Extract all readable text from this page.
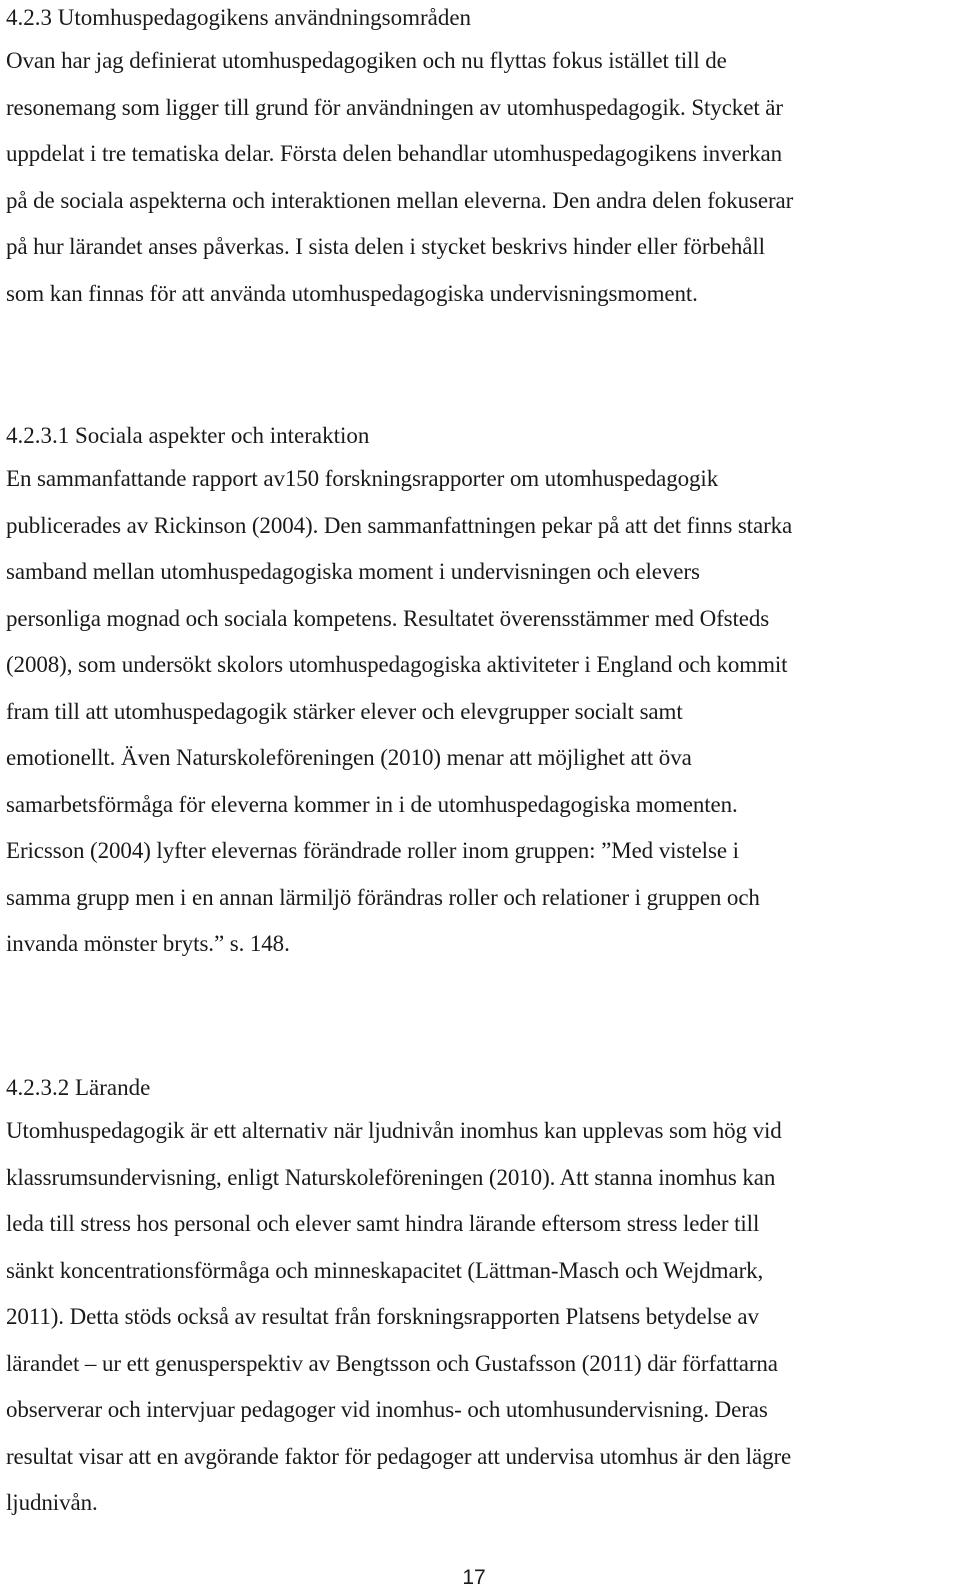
4.2.3 Utomhuspedagogikens användningsområden

Ovan har jag definierat utomhuspedagogiken och nu flyttas fokus istället till de
resonemang som ligger till grund för användningen av utomhuspedagogik. Stycket är
uppdelat i tre tematiska delar. Första delen behandlar utomhuspedagogikens inverkan
på de sociala aspekterna och interaktionen mellan eleverna. Den andra delen fokuserar
på hur lärandet anses påverkas. I sista delen i stycket beskrivs hinder eller förbehåll
som kan finnas för att använda utomhuspedagogiska undervisningsmoment.

4.2.3.1 Sociala aspekter och interaktion

En sammanfattande rapport av150 forskningsrapporter om utomhuspedagogik
publicerades av Rickinson (2004). Den sammanfattningen pekar på att det finns starka
samband mellan utomhuspedagogiska moment i undervisningen och elevers
personliga mognad och sociala kompetens. Resultatet överensstämmer med Ofsteds
(2008), som undersökt skolors utomhuspedagogiska aktiviteter i England och kommit
fram till att utomhuspedagogik stärker elever och elevgrupper socialt samt
emotionellt. Även Naturskoleföreningen (2010) menar att möjlighet att öva
samarbetsförmåga för eleverna kommer in i de utomhuspedagogiska momenten.
Ericsson (2004) lyfter elevernas förändrade roller inom gruppen: ”Med vistelse i
samma grupp men i en annan lärmiljö förändras roller och relationer i gruppen och
invanda mönster bryts.” s. 148.

4.2.3.2 Lärande

Utomhuspedagogik är ett alternativ när ljudnivån inomhus kan upplevas som hög vid
klassrumsundervisning, enligt Naturskoleföreningen (2010). Att stanna inomhus kan
leda till stress hos personal och elever samt hindra lärande eftersom stress leder till
sänkt koncentrationsförmåga och minneskapacitet (Lättman-Masch och Wejdmark,
2011). Detta stöds också av resultat från forskningsrapporten Platsens betydelse av
lärandet – ur ett genusperspektiv av Bengtsson och Gustafsson (2011) där författarna
observerar och intervjuar pedagoger vid inomhus- och utomhusundervisning. Deras
resultat visar att en avgörande faktor för pedagoger att undervisa utomhus är den lägre
ljudnivån.

17
